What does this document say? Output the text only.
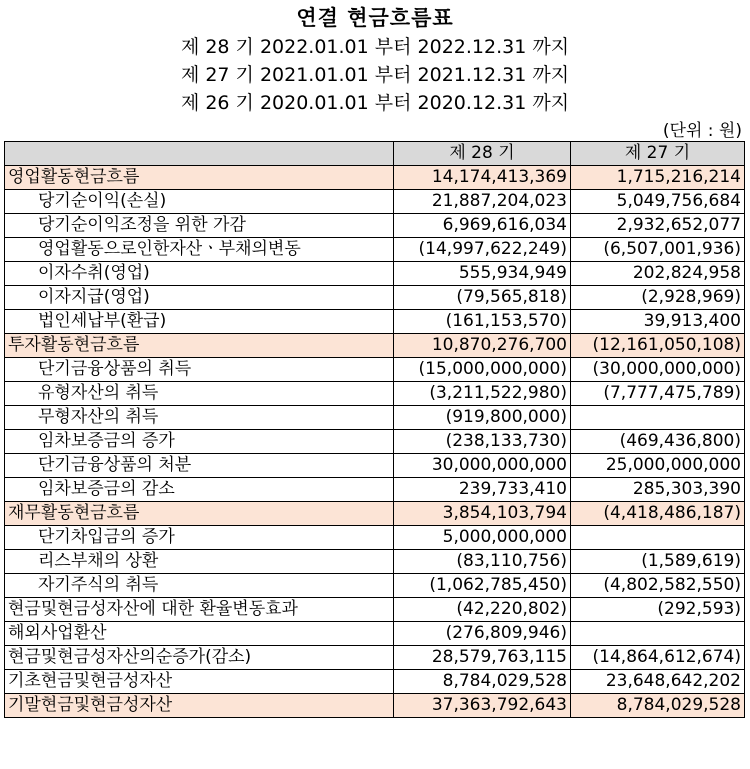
연결 현금흐름표
제 28 기 2022.01.01 부터 2022.12.31 까지
제 27 기 2021.01.01 부터 2021.12.31 까지
제 26 기 2020.01.01 부터 2020.12.31 까지
(단위 : 원)
	제 28 기	제 27 기
영업활동현금흐름	14,174,413,369	1,715,216,214
당기순이익(손실)	21,887,204,023	5,049,756,684
당기순이익조정을 위한 가감	6,969,616,034	2,932,652,077
영업활동으로인한자산ㆍ부채의변동	(14,997,622,249)	(6,507,001,936)
이자수취(영업)	555,934,949	202,824,958
이자지급(영업)	(79,565,818)	(2,928,969)
법인세납부(환급)	(161,153,570)	39,913,400
투자활동현금흐름	10,870,276,700	(12,161,050,108)
단기금융상품의 취득	(15,000,000,000)	(30,000,000,000)
유형자산의 취득	(3,211,522,980)	(7,777,475,789)
무형자산의 취득	(919,800,000)	
임차보증금의 증가	(238,133,730)	(469,436,800)
단기금융상품의 처분	30,000,000,000	25,000,000,000
임차보증금의 감소	239,733,410	285,303,390
재무활동현금흐름	3,854,103,794	(4,418,486,187)
단기차입금의 증가	5,000,000,000	
리스부채의 상환	(83,110,756)	(1,589,619)
자기주식의 취득	(1,062,785,450)	(4,802,582,550)
현금및현금성자산에 대한 환율변동효과	(42,220,802)	(292,593)
해외사업환산	(276,809,946)	
현금및현금성자산의순증가(감소)	28,579,763,115	(14,864,612,674)
기초현금및현금성자산	8,784,029,528	23,648,642,202
기말현금및현금성자산	37,363,792,643	8,784,029,528
